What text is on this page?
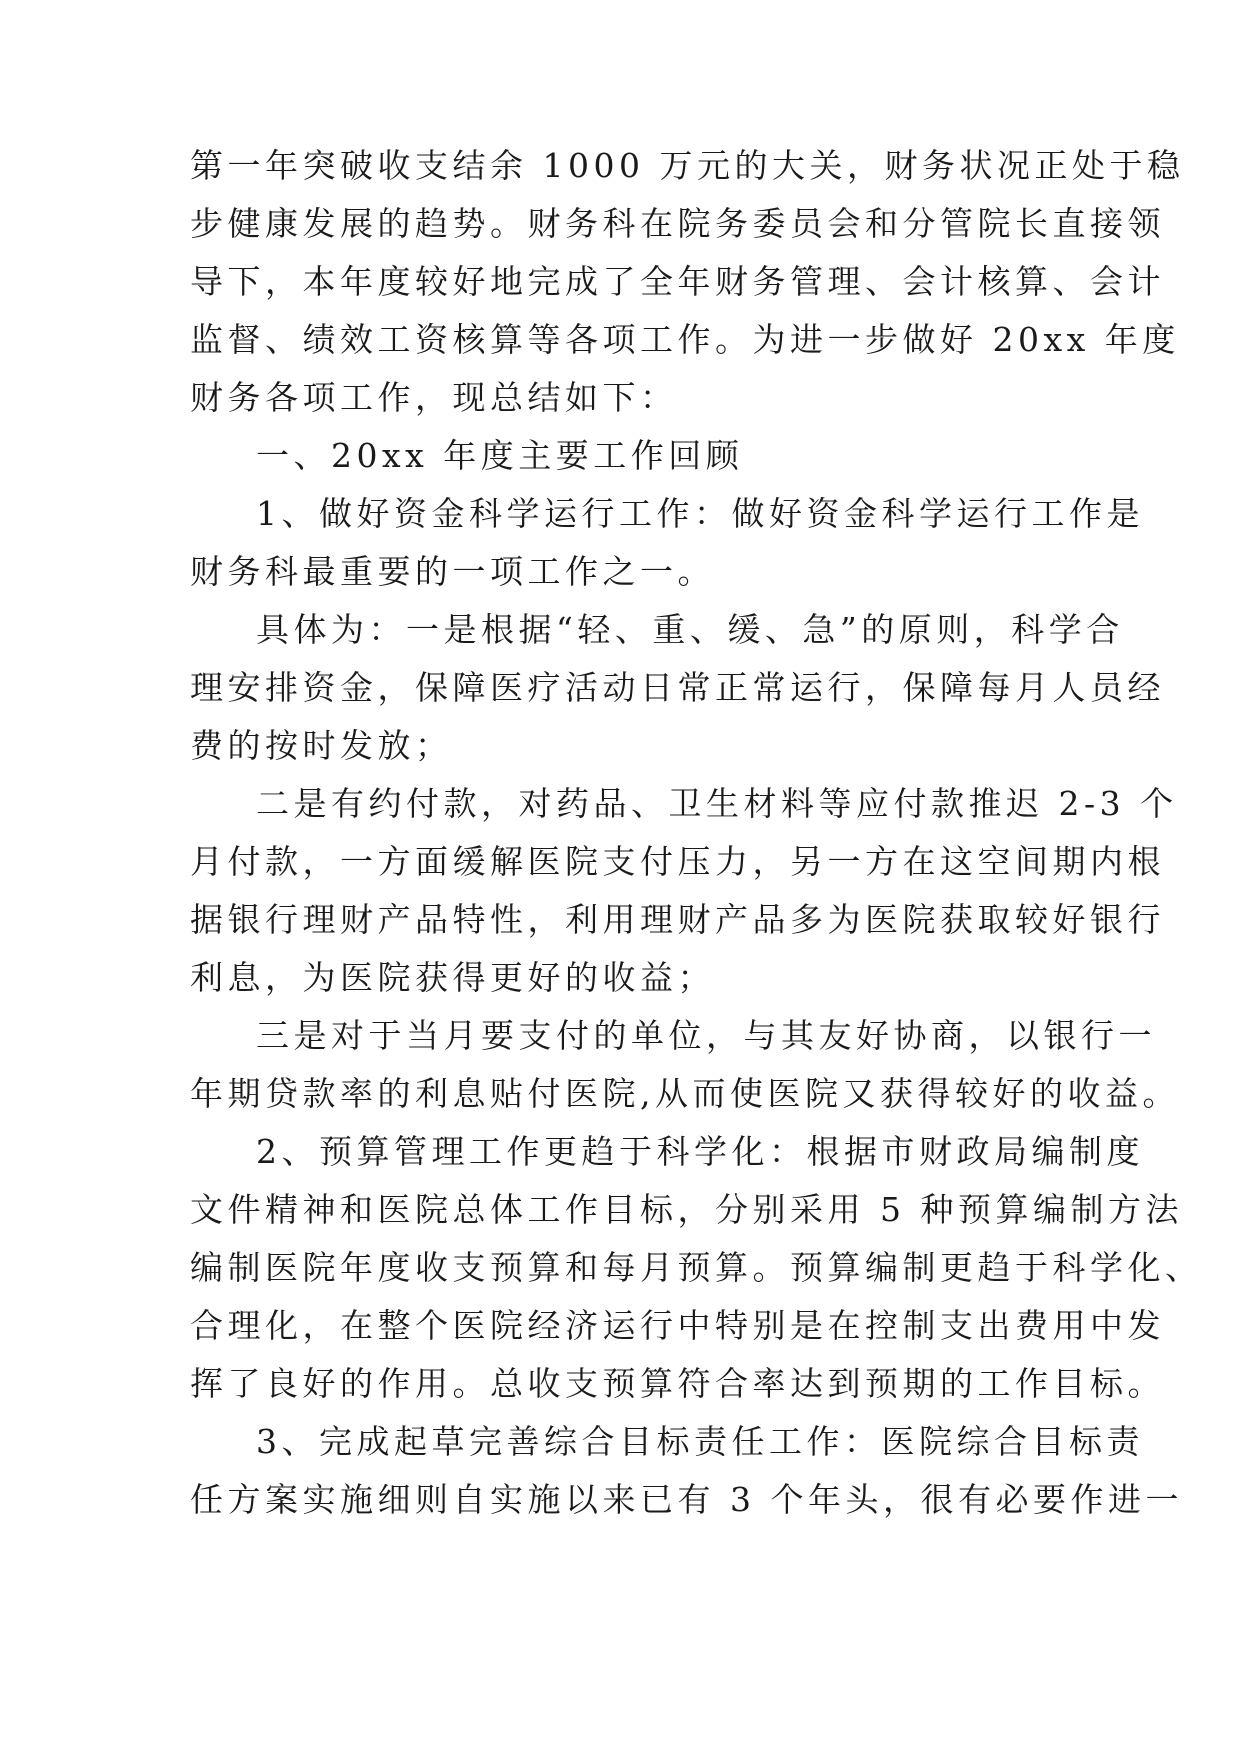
第一年突破收支结余 1000 万元的大关，财务状况正处于稳
步健康发展的趋势。财务科在院务委员会和分管院长直接领
导下，本年度较好地完成了全年财务管理、会计核算、会计
监督、绩效工资核算等各项工作。为进一步做好 20xx 年度
财务各项工作，现总结如下：
一、20xx 年度主要工作回顾
1、做好资金科学运行工作：做好资金科学运行工作是
财务科最重要的一项工作之一。
具体为：一是根据“轻、重、缓、急”的原则，科学合
理安排资金，保障医疗活动日常正常运行，保障每月人员经
费的按时发放；
二是有约付款，对药品、卫生材料等应付款推迟 2-3 个
月付款，一方面缓解医院支付压力，另一方在这空间期内根
据银行理财产品特性，利用理财产品多为医院获取较好银行
利息，为医院获得更好的收益；
三是对于当月要支付的单位，与其友好协商，以银行一
年期贷款率的利息贴付医院,从而使医院又获得较好的收益。
2、预算管理工作更趋于科学化：根据市财政局编制度
文件精神和医院总体工作目标，分别采用 5 种预算编制方法
编制医院年度收支预算和每月预算。预算编制更趋于科学化、
合理化，在整个医院经济运行中特别是在控制支出费用中发
挥了良好的作用。总收支预算符合率达到预期的工作目标。
3、完成起草完善综合目标责任工作：医院综合目标责
任方案实施细则自实施以来已有 3 个年头，很有必要作进一
